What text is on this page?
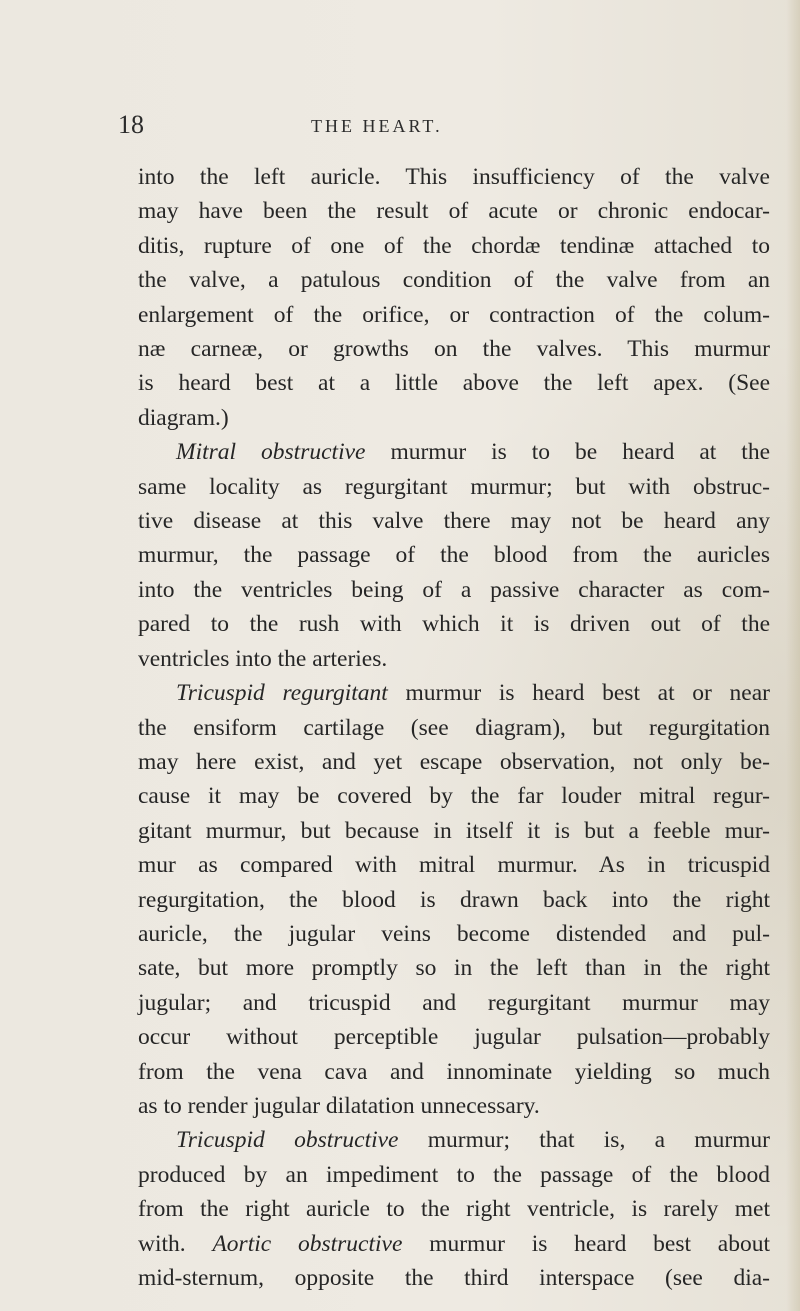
18	THE HEART.
into the left auricle. This insufficiency of the valve
may have been the result of acute or chronic endocar-
ditis, rupture of one of the chordæ tendinæ attached to
the valve, a patulous condition of the valve from an
enlargement of the orifice, or contraction of the colum-
næ carneæ, or growths on the valves. This murmur
is heard best at a little above the left apex. (See
diagram.)
Mitral obstructive murmur is to be heard at the
same locality as regurgitant murmur; but with obstruc-
tive disease at this valve there may not be heard any
murmur, the passage of the blood from the auricles
into the ventricles being of a passive character as com-
pared to the rush with which it is driven out of the
ventricles into the arteries.
Tricuspid regurgitant murmur is heard best at or near
the ensiform cartilage (see diagram), but regurgitation
may here exist, and yet escape observation, not only be-
cause it may be covered by the far louder mitral regur-
gitant murmur, but because in itself it is but a feeble mur-
mur as compared with mitral murmur. As in tricuspid
regurgitation, the blood is drawn back into the right
auricle, the jugular veins become distended and pul-
sate, but more promptly so in the left than in the right
jugular; and tricuspid and regurgitant murmur may
occur without perceptible jugular pulsation—probably
from the vena cava and innominate yielding so much
as to render jugular dilatation unnecessary.
Tricuspid obstructive murmur; that is, a murmur
produced by an impediment to the passage of the blood
from the right auricle to the right ventricle, is rarely met
with. Aortic obstructive murmur is heard best about
mid-sternum, opposite the third interspace (see dia-
